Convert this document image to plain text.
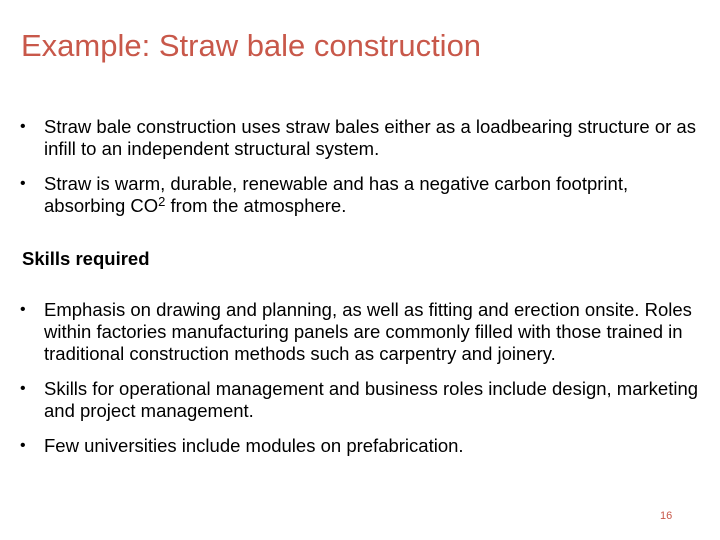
Example: Straw bale construction
• Straw bale construction uses straw bales either as a loadbearing structure or as infill to an independent structural system.
• Straw is warm, durable, renewable and has a negative carbon footprint, absorbing $CO^2$ from the atmosphere.
Skills required
• Emphasis on drawing and planning, as well as fitting and erection onsite. Roles within factories manufacturing panels are commonly filled with those trained in traditional construction methods such as carpentry and joinery.
• Skills for operational management and business roles include design, marketing and project management.
• Few universities include modules on prefabrication.
16
